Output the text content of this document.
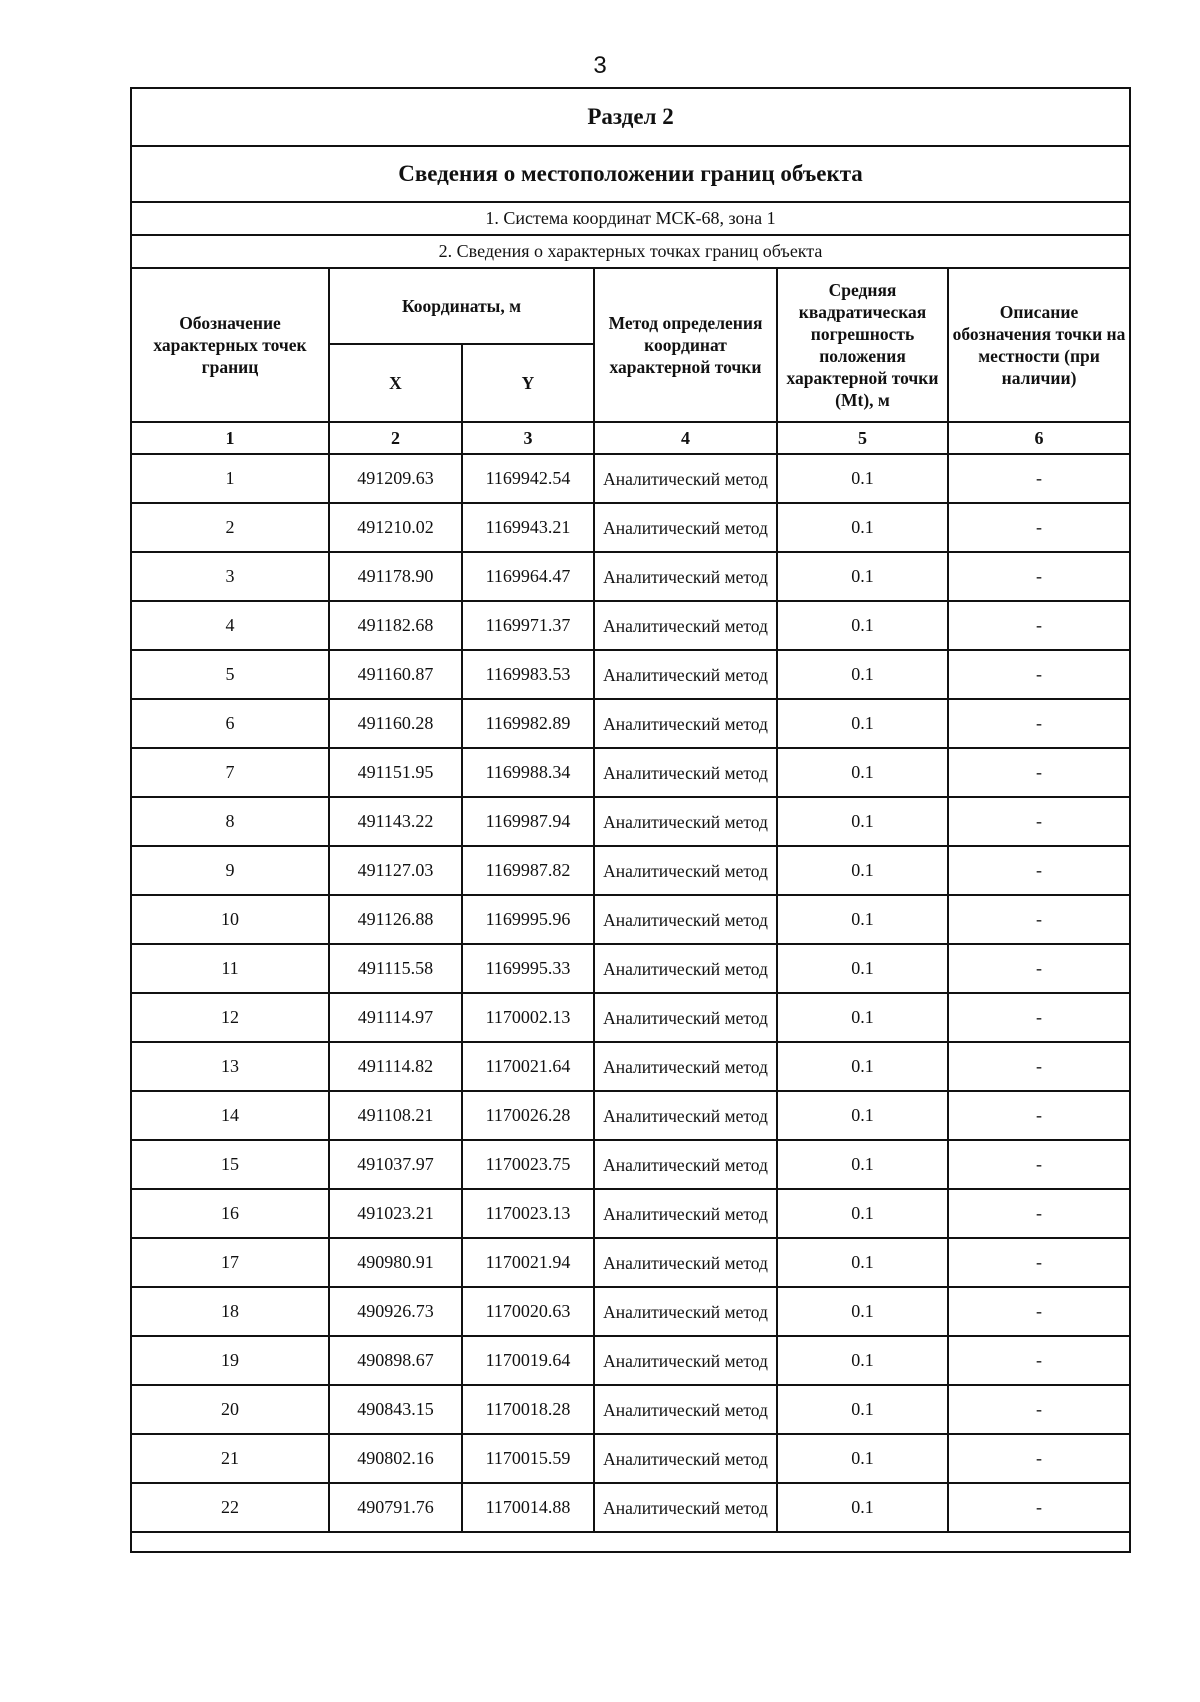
3
Раздел 2					
Сведения о местоположении границ объекта					
1. Система координат МСК-68, зона 1					
2. Сведения о характерных точках границ объекта					
Обозначение характерных точек границ	Координаты, м		Метод определения координат характерной точки	Средняя квадратическая погрешность положения характерной точки (Mt), м	Описание обозначения точки на местности (при наличии)
	X	Y			
1	2	3	4	5	6
1	491209.63	1169942.54	Аналитический метод	0.1	-
2	491210.02	1169943.21	Аналитический метод	0.1	-
3	491178.90	1169964.47	Аналитический метод	0.1	-
4	491182.68	1169971.37	Аналитический метод	0.1	-
5	491160.87	1169983.53	Аналитический метод	0.1	-
6	491160.28	1169982.89	Аналитический метод	0.1	-
7	491151.95	1169988.34	Аналитический метод	0.1	-
8	491143.22	1169987.94	Аналитический метод	0.1	-
9	491127.03	1169987.82	Аналитический метод	0.1	-
10	491126.88	1169995.96	Аналитический метод	0.1	-
11	491115.58	1169995.33	Аналитический метод	0.1	-
12	491114.97	1170002.13	Аналитический метод	0.1	-
13	491114.82	1170021.64	Аналитический метод	0.1	-
14	491108.21	1170026.28	Аналитический метод	0.1	-
15	491037.97	1170023.75	Аналитический метод	0.1	-
16	491023.21	1170023.13	Аналитический метод	0.1	-
17	490980.91	1170021.94	Аналитический метод	0.1	-
18	490926.73	1170020.63	Аналитический метод	0.1	-
19	490898.67	1170019.64	Аналитический метод	0.1	-
20	490843.15	1170018.28	Аналитический метод	0.1	-
21	490802.16	1170015.59	Аналитический метод	0.1	-
22	490791.76	1170014.88	Аналитический метод	0.1	-
